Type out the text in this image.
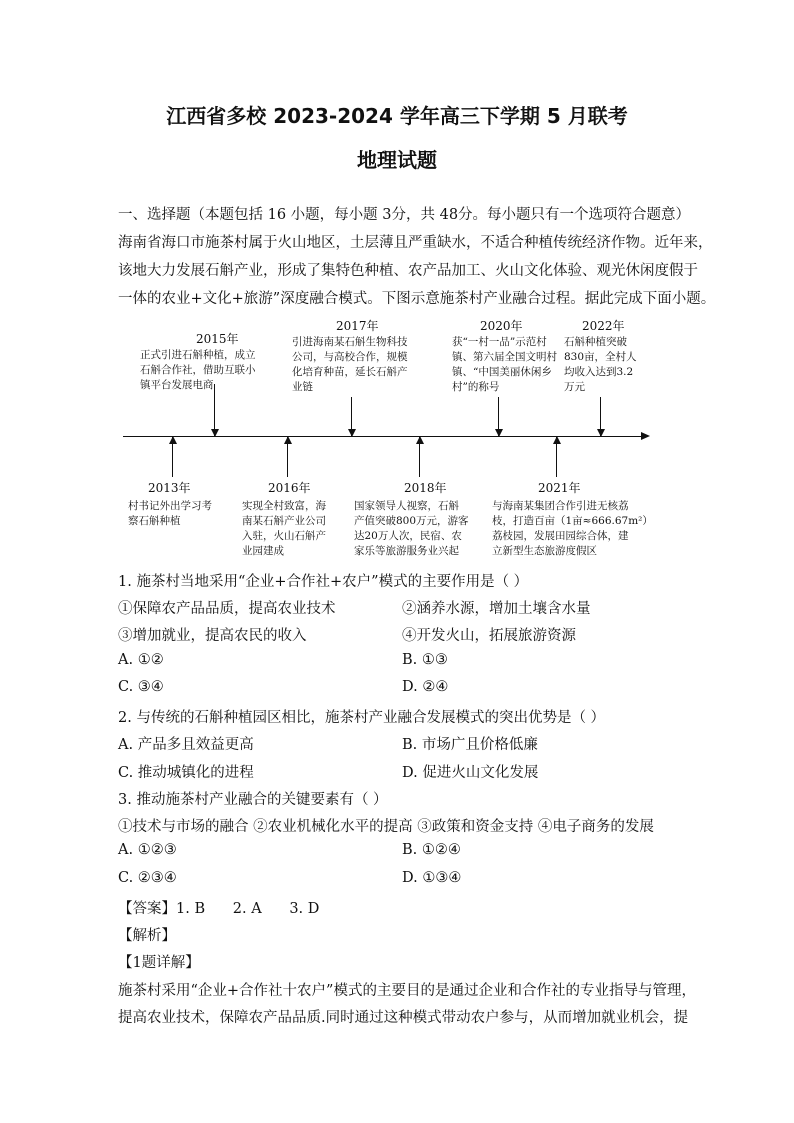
江西省多校 2023-2024 学年高三下学期 5 月联考
地理试题
一、选择题（本题包括 16 小题，每小题 3分，共 48分。每小题只有一个选项符合题意）
海南省海口市施茶村属于火山地区，土层薄且严重缺水，不适合种植传统经济作物。近年来，
该地大力发展石斛产业，形成了集特色种植、农产品加工、火山文化体验、观光休闲度假于
一体的农业+文化+旅游”深度融合模式。下图示意施茶村产业融合过程。据此完成下面小题。
2015年
正式引进石斛种植，成立
石斛合作社，借助互联小
镇平台发展电商
2017年
引进海南某石斛生物科技
公司，与高校合作，规模
化培育种苗，延长石斛产
业链
2020年
获“一村一品”示范村
镇、第六届全国文明村
镇、“中国美丽休闲乡
村”的称号
2022年
石斛种植突破
830亩，全村人
均收入达到3.2
万元
2013年
村书记外出学习考
察石斛种植
2016年
实现全村致富，海
南某石斛产业公司
入驻，火山石斛产
业园建成
2018年
国家领导人视察，石斛
产值突破800万元，游客
达20万人次，民宿、农
家乐等旅游服务业兴起
2021年
与海南某集团合作引进无核荔
枝，打造百亩（1亩≈666.67m²）
荔枝园，发展田园综合体，建
立新型生态旅游度假区
1. 施茶村当地采用“企业+合作社+农户”模式的主要作用是（ ）
①保障农产品品质，提高农业技术	②涵养水源，增加土壤含水量
③增加就业，提高农民的收入	④开发火山，拓展旅游资源
A. ①②	B. ①③
C. ③④	D. ②④
2. 与传统的石斛种植园区相比，施茶村产业融合发展模式的突出优势是（ ）
A. 产品多且效益更高	B. 市场广且价格低廉
C. 推动城镇化的进程	D. 促进火山文化发展
3. 推动施茶村产业融合的关键要素有（ ）
①技术与市场的融合 ②农业机械化水平的提高 ③政策和资金支持 ④电子商务的发展
A. ①②③	B. ①②④
C. ②③④	D. ①③④
【答案】1. B      2. A      3. D
【解析】
【1题详解】
施茶村采用“企业+合作社十农户”模式的主要目的是通过企业和合作社的专业指导与管理，
提高农业技术，保障农产品品质.同时通过这种模式带动农户参与，从而增加就业机会，提
